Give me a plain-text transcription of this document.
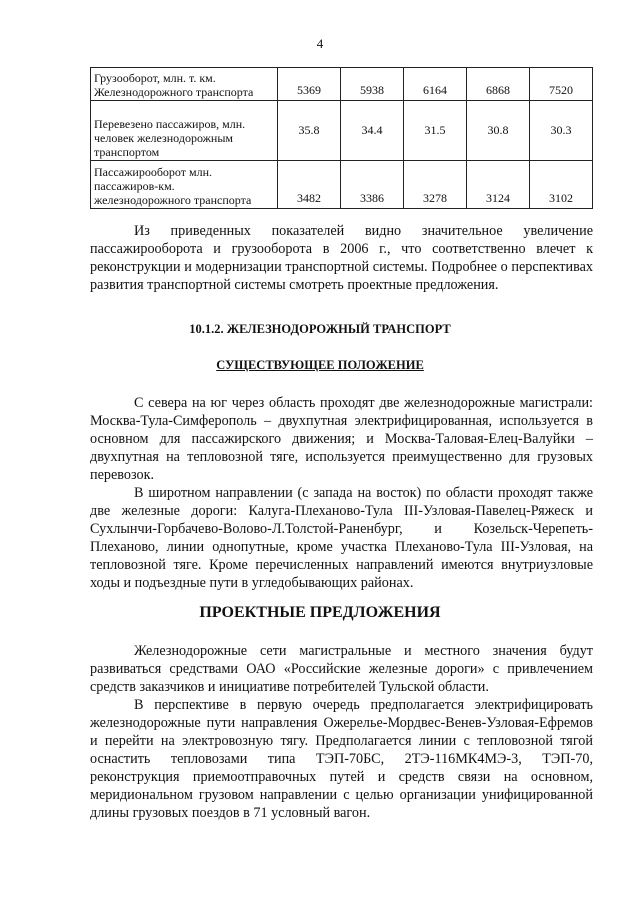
4
Грузооборот, млн. т. км. Железнодорожного транспорта	5369	5938	6164	6868	7520
Перевезено пассажиров, млн. человек железнодорожным транспортом	35.8	34.4	31.5	30.8	30.3
Пассажирооборот млн. пассажиров-км. железнодорожного транспорта	3482	3386	3278	3124	3102

Из приведенных показателей видно значительное увеличение пассажирооборота и грузооборота в 2006 г., что соответственно влечет к реконструкции и модернизации транспортной системы. Подробнее о перспективах развития транспортной системы смотреть проектные предложения.

10.1.2. ЖЕЛЕЗНОДОРОЖНЫЙ ТРАНСПОРТ
СУЩЕСТВУЮЩЕЕ ПОЛОЖЕНИЕ

С севера на юг через область проходят две железнодорожные магистрали: Москва-Тула-Симферополь – двухпутная электрифицированная, используется в основном для пассажирского движения; и Москва-Таловая-Елец-Валуйки – двухпутная на тепловозной тяге, используется преимущественно для грузовых перевозок.

В широтном направлении (с запада на восток) по области проходят также две железные дороги: Калуга-Плеханово-Тула III-Узловая-Павелец-Ряжеск и Сухлынчи-Горбачево-Волово-Л.Толстой-Раненбург, и Козельск-Черепеть-Плеханово, линии однопутные, кроме участка Плеханово-Тула III-Узловая, на тепловозной тяге. Кроме перечисленных направлений имеются внутриузловые ходы и подъездные пути в угледобывающих районах.

ПРОЕКТНЫЕ ПРЕДЛОЖЕНИЯ

Железнодорожные сети магистральные и местного значения будут развиваться средствами ОАО «Российские железные дороги» с привлечением средств заказчиков и инициативе потребителей Тульской области.

В перспективе в первую очередь предполагается электрифицировать железнодорожные пути направления Ожерелье-Мордвес-Венев-Узловая-Ефремов и перейти на электровозную тягу. Предполагается линии с тепловозной тягой оснастить тепловозами типа ТЭП-70БС, 2ТЭ-116МК4МЭ-3, ТЭП-70, реконструкция приемоотправочных путей и средств связи на основном, меридиональном грузовом направлении с целью организации унифицированной длины грузовых поездов в 71 условный вагон.
